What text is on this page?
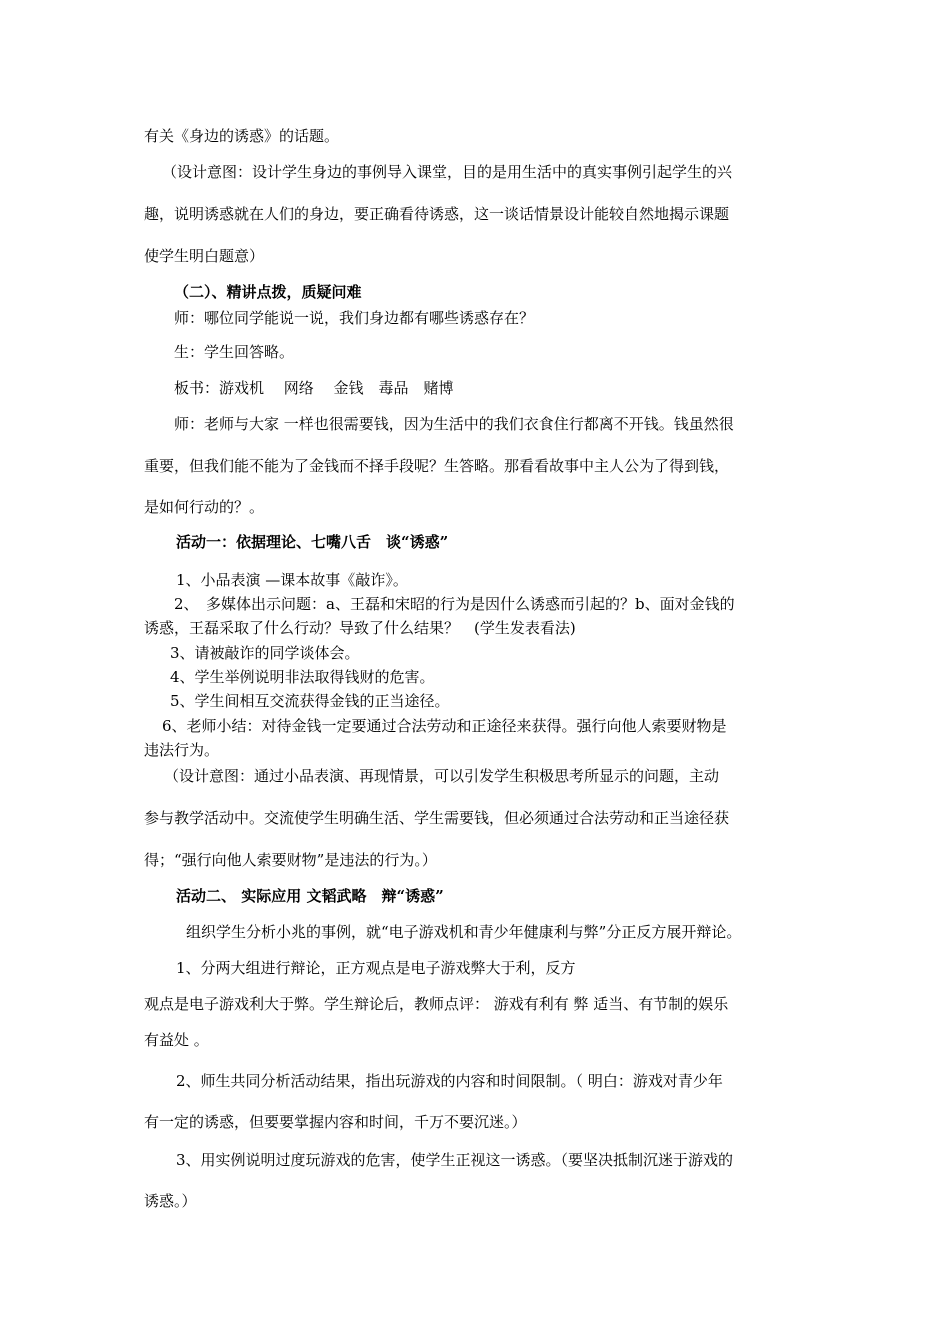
有关《身边的诱惑》的话题。
（设计意图：设计学生身边的事例导入课堂，目的是用生活中的真实事例引起学生的兴
趣，说明诱惑就在人们的身边，要正确看待诱惑，这一谈话情景设计能较自然地揭示课题
使学生明白题意）
（二）、精讲点拨，质疑问难
师：哪位同学能说一说，我们身边都有哪些诱惑存在？
生：学生回答略。
板书：游戏机　 网络　 金钱　毒品　赌博
师：老师与大家 一样也很需要钱，因为生活中的我们衣食住行都离不开钱。钱虽然很
重要，但我们能不能为了金钱而不择手段呢？生答略。那看看故事中主人公为了得到钱，
是如何行动的？。
活动一：依据理论、七嘴八舌　谈“诱惑”
1、小品表演 —课本故事《敲诈》。
2、　多媒体出示问题：a、王磊和宋昭的行为是因什么诱惑而引起的？b、面对金钱的
诱惑，王磊采取了什么行动？导致了什么结果？　(学生发表看法)
3、请被敲诈的同学谈体会。
4、学生举例说明非法取得钱财的危害。
5、学生间相互交流获得金钱的正当途径。
6、老师小结：对待金钱一定要通过合法劳动和正途径来获得。强行向他人索要财物是
违法行为。
（设计意图：通过小品表演、再现情景，可以引发学生积极思考所显示的问题，主动
参与教学活动中。交流使学生明确生活、学生需要钱，但必须通过合法劳动和正当途径获
得；“强行向他人索要财物”是违法的行为。）
活动二、 实际应用 文韬武略　辩“诱惑”
组织学生分析小兆的事例，就“电子游戏机和青少年健康利与弊”分正反方展开辩论。
1、分两大组进行辩论，正方观点是电子游戏弊大于利，反方
观点是电子游戏利大于弊。学生辩论后，教师点评： 游戏有利有 弊 适当、有节制的娱乐
有益处 。
2、师生共同分析活动结果，指出玩游戏的内容和时间限制。（ 明白：游戏对青少年
有一定的诱惑，但要要掌握内容和时间，千万不要沉迷。）
3、用实例说明过度玩游戏的危害，使学生正视这一诱惑。（要坚决抵制沉迷于游戏的
诱惑。）
